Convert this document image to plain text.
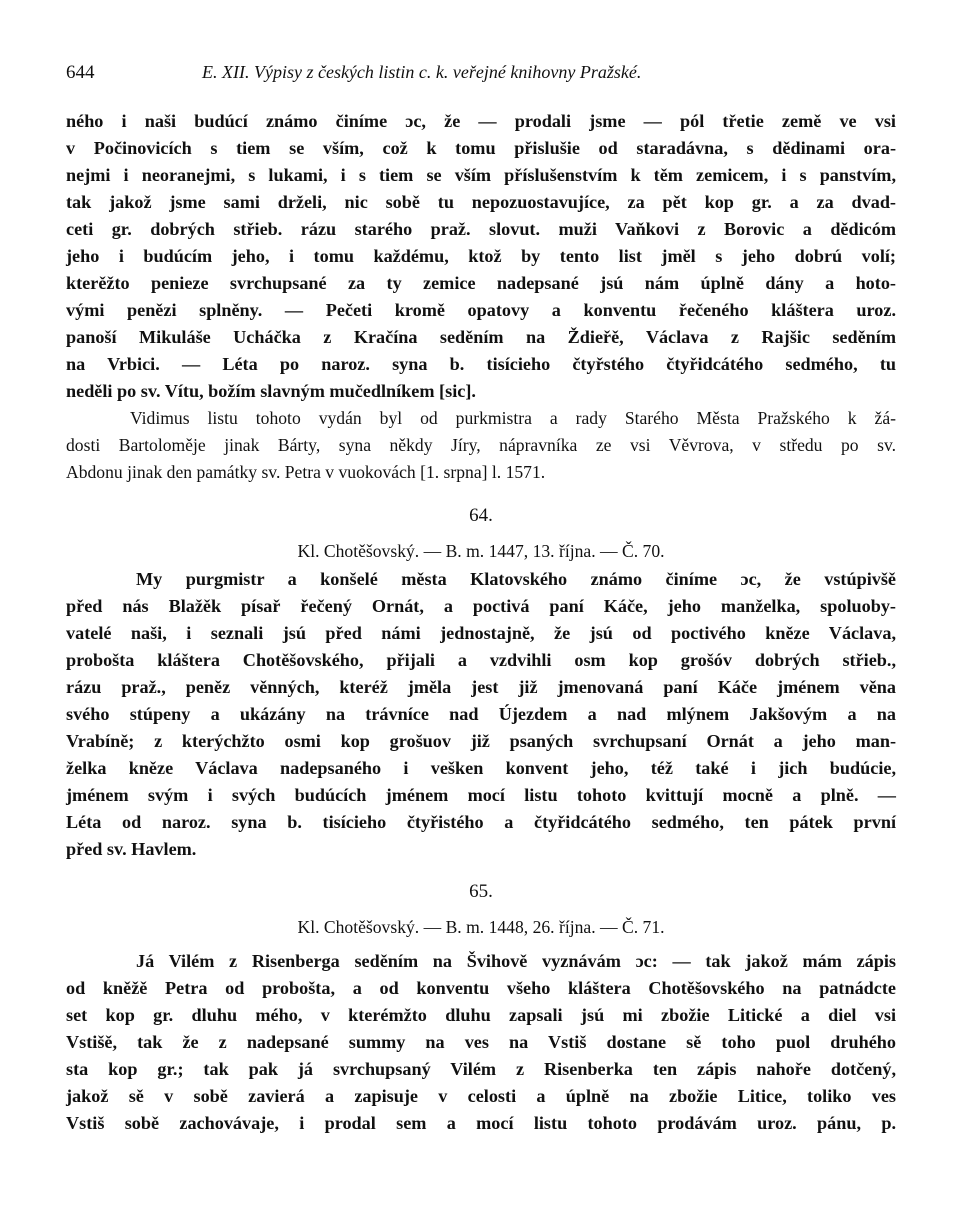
644	E. XII. Výpisy z českých listin c. k. veřejné knihovny Pražské.
ného i naši budúcí známo činíme ɔc, že — prodali jsme — pól třetie země ve vsi
v Počinovicích s tiem se vším, což k tomu přislušie od staradávna, s dědinami ora-
nejmi i neoranejmi, s lukami, i s tiem se vším příslušenstvím k těm zemicem, i s panstvím,
tak jakož jsme sami drželi, nic sobě tu nepozuostavujíce, za pět kop gr. a za dvad-
ceti gr. dobrých střieb. rázu starého praž. slovut. muži Vaňkovi z Borovic a dědicóm
jeho i budúcím jeho, i tomu každému, ktož by tento list jměl s jeho dobrú volí;
kterěžto penieze svrchupsané za ty zemice nadepsané jsú nám úplně dány a hoto-
vými penězi splněny. — Pečeti kromě opatovy a konventu řečeného kláštera uroz.
panoší Mikuláše Ucháčka z Kračína seděním na Ždieřě, Václava z Rajšic seděním
na Vrbici. — Léta po naroz. syna b. tisícieho čtyřstého čtyřidcátého sedmého, tu
neděli po sv. Vítu, božím slavným mučedlníkem [sic].
Vidimus listu tohoto vydán byl od purkmistra a rady Starého Města Pražského k žá-
dosti Bartoloměje jinak Bárty, syna někdy Jíry, nápravníka ze vsi Věvrova, v středu po sv.
Abdonu jinak den památky sv. Petra v vuokovách [1. srpna] l. 1571.
64.
Kl. Chotěšovský. — B. m. 1447, 13. října. — Č. 70.
My purgmistr a konšelé města Klatovského známo činíme ɔc, že vstúpivšě
před nás Blažěk písař řečený Ornát, a poctivá paní Káče, jeho manželka, spoluoby-
vatelé naši, i seznali jsú před námi jednostajně, že jsú od poctivého kněze Václava,
probošta kláštera Chotěšovského, přijali a vzdvihli osm kop grošóv dobrých střieb.,
rázu praž., peněz věnných, kteréž jměla jest již jmenovaná paní Káče jménem věna
svého stúpeny a ukázány na trávníce nad Újezdem a nad mlýnem Jakšovým a na
Vrabíně; z kterýchžto osmi kop grošuov již psaných svrchupsaní Ornát a jeho man-
želka kněze Václava nadepsaného i veškеn konvent jeho, též také i jich budúcie,
jménem svým i svých budúcích jménem mocí listu tohoto kvittují mocně a plně. —
Léta od naroz. syna b. tisícieho čtyřistého a čtyřidcátého sedmého, ten pátek první
před sv. Havlem.
65.
Kl. Chotěšovský. — B. m. 1448, 26. října. — Č. 71.
Já Vilém z Risenberga seděním na Švihově vyznávám ɔc: — tak jakož mám zápis
od kněžě Petra od probošta, a od konventu všeho kláštera Chotěšovského na patnádcte
set kop gr. dluhu mého, v kterémžto dluhu zapsali jsú mi zbožie Litické a diel vsi
Vstišě, tak že z nadepsané summy na ves na Vstiš dostane sě toho puol druhého
sta kop gr.; tak pak já svrchupsaný Vilém z Risenberka ten zápis nahoře dotčený,
jakož sě v sobě zavierá a zapisuje v celosti a úplně na zbožie Litice, toliko ves
Vstiš sobě zachovávaje, i prodal sem a mocí listu tohoto prodávám uroz. pánu, p.
